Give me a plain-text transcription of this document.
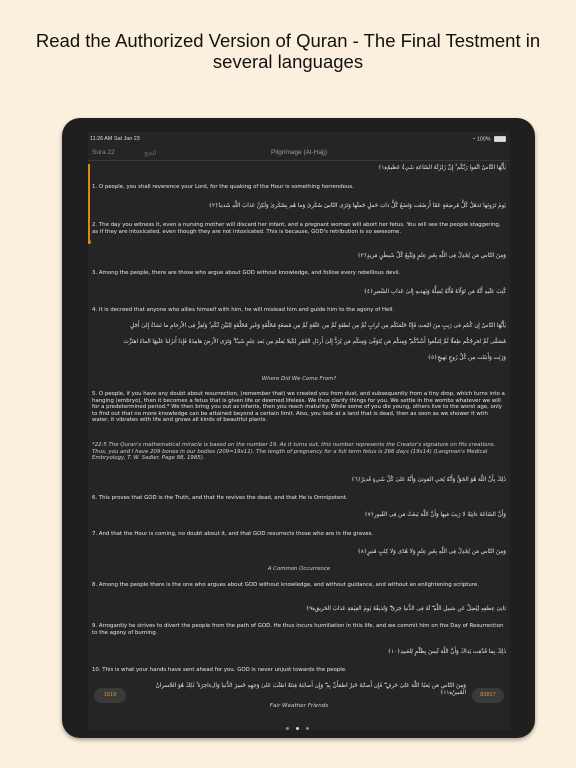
Read the Authorized Version of Quran - The Final Testment in
several languages
11:26 AM Sat Jan 23	◔ 100%
Sura 22	الحج	Pilgrimage (Al-Hajj)
يٰأَيُّهَا النَّاسُ اتَّقوا رَبَّكُم ۚ إِنَّ زَلزَلَةَ السّاعَةِ شَيءٌ عَظيمٌ﴿١﴾
1. O people, you shall reverence your Lord, for the quaking of the Hour is something horrendous.
يَومَ تَرَونَها تَذهَلُ كُلُّ مُرضِعَةٍ عَمّا أَرضَعَت وَتَضَعُ كُلُّ ذاتِ حَملٍ حَملَها وَتَرَى النّاسَ سُكٰرىٰ وَما هُم بِسُكٰرىٰ وَلٰكِنَّ عَذابَ اللَّهِ شَديدٌ﴿٢﴾
2. The day you witness it, even a nursing mother will discard her infant, and a pregnant woman will abort her fetus. You will see the people staggering, as if they are intoxicated, even though they are not intoxicated. This is because, GOD's retribution is so awesome.
وَمِنَ النّاسِ مَن يُجٰدِلُ فِى اللَّهِ بِغَيرِ عِلمٍ وَيَتَّبِعُ كُلَّ شَيطٰنٍ مَريدٍ﴿٣﴾
3. Among the people, there are those who argue about GOD without knowledge, and follow every rebellious devil.
كُتِبَ عَلَيهِ أَنَّهُ مَن تَوَلّاهُ فَأَنَّهُ يُضِلُّهُ وَيَهديهِ إِلىٰ عَذابِ السَّعيرِ﴿٤﴾
4. It is decreed that anyone who allies himself with him, he will mislead him and guide him to the agony of Hell.
يٰأَيُّهَا النّاسُ إِن كُنتُم فى رَيبٍ مِنَ البَعثِ فَإِنّا خَلَقنٰكُم مِن تُرابٍ ثُمَّ مِن نُطفَةٍ ثُمَّ مِن عَلَقَةٍ ثُمَّ مِن مُضغَةٍ مُخَلَّقَةٍ وَغَيرِ مُخَلَّقَةٍ لِنُبَيِّنَ لَكُم ۚ وَنُقِرُّ فِى الأَرحامِ ما نَشاءُ إِلىٰ أَجَلٍ
مُسَمًّى ثُمَّ نُخرِجُكُم طِفلًا ثُمَّ لِتَبلُغوا أَشُدَّكُم ۖ وَمِنكُم مَن يُتَوَفّىٰ وَمِنكُم مَن يُرَدُّ إِلىٰ أَرذَلِ العُمُرِ لِكَيلا يَعلَمَ مِن بَعدِ عِلمٍ شَيـًٔا ۚ وَتَرَى الأَرضَ هامِدَةً فَإِذا أَنزَلنا عَلَيهَا الماءَ اهتَزَّت
وَرَبَت وَأَنبَتَت مِن كُلِّ زَوجٍ بَهيجٍ﴿٥﴾
Where Did We Come From?
5. O people, if you have any doubt about resurrection, (remember that) we created you from dust, and subsequently from a tiny drop, which turns into a hanging (embryo), then it becomes a fetus that is given life or deemed lifeless. We thus clarify things for you. We settle in the wombs whatever we will for a predetermined period.* We then bring you out as infants, then you reach maturity. While some of you die young, others live to the worst age, only to find out that no more knowledge can be attained beyond a certain limit. Also, you look at a land that is dead, then as soon as we shower it with water, it vibrates with life and grows all kinds of beautiful plants.
*22:5 The Quran's mathematical miracle is based on the number 19. As it turns out, this number represents the Creator's signature on His creations. Thus, you and I have 209 bones in our bodies (209=19x11). The length of pregnancy for a full term fetus is 266 days (19x14) (Langman's Medical Embryology, T. W. Sadler, Page 88, 1985).
ذٰلِكَ بِأَنَّ اللَّهَ هُوَ الحَقُّ وَأَنَّهُ يُحىِ المَوتىٰ وَأَنَّهُ عَلىٰ كُلِّ شَيءٍ قَديرٌ﴿٦﴾
6. This proves that GOD is the Truth, and that He revives the dead, and that He is Omnipotent.
وَأَنَّ السّاعَةَ ءاتِيَةٌ لا رَيبَ فيها وَأَنَّ اللَّهَ يَبعَثُ مَن فِى القُبورِ﴿٧﴾
7. And that the Hour is coming, no doubt about it, and that GOD resurrects those who are in the graves.
وَمِنَ النّاسِ مَن يُجٰدِلُ فِى اللَّهِ بِغَيرِ عِلمٍ وَلا هُدًى وَلا كِتٰبٍ مُنيرٍ﴿٨﴾
A Common Occurrence
8. Among the people there is the one who argues about GOD without knowledge, and without guidance, and without an enlightening scripture.
ثانِىَ عِطفِهِ لِيُضِلَّ عَن سَبيلِ اللَّهِ ۖ لَهُ فِى الدُّنيا خِزىٌ ۖ وَنُذيقُهُ يَومَ القِيٰمَةِ عَذابَ الحَريقِ﴿٩﴾
9. Arrogantly he strives to divert the people from the path of GOD. He thus incurs humiliation in this life, and we commit him on the Day of Resurrection to the agony of burning.
ذٰلِكَ بِما قَدَّمَت يَداكَ وَأَنَّ اللَّهَ لَيسَ بِظَلّٰمٍ لِلعَبيدِ﴿١٠﴾
10. This is what your hands have sent ahead for you. GOD is never unjust towards the people.
وَمِنَ النّاسِ مَن يَعبُدُ اللَّهَ عَلىٰ حَرفٍ ۖ فَإِن أَصابَهُ خَيرٌ اطمَأَنَّ بِهِ ۖ وَإِن أَصابَتهُ فِتنَةٌ انقَلَبَ عَلىٰ وَجهِهِ خَسِرَ الدُّنيا وَالءاخِرَةَ ۚ ذٰلِكَ هُوَ الخُسرانُ المُبينُ﴿١١﴾
1619	83817
Fair Weather Friends
